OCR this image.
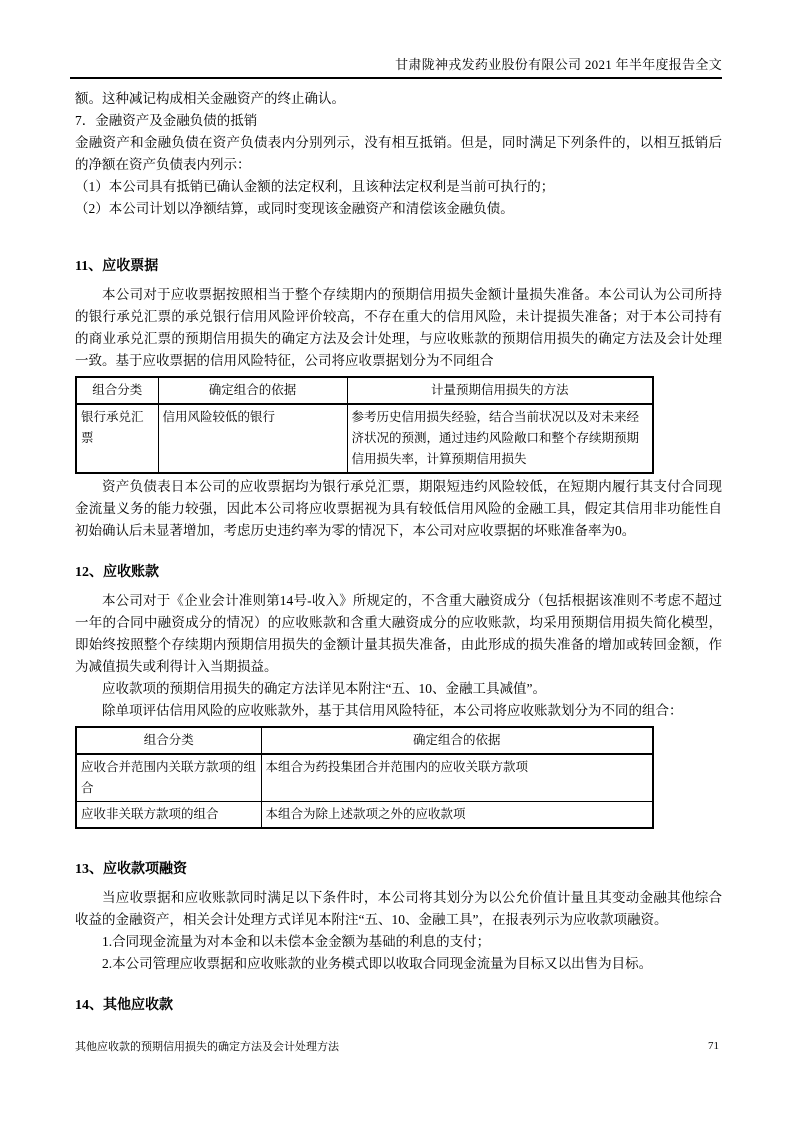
甘肃陇神戎发药业股份有限公司 2021 年半年度报告全文

额。这种减记构成相关金融资产的终止确认。

7．金融资产及金融负债的抵销

金融资产和金融负债在资产负债表内分别列示，没有相互抵销。但是，同时满足下列条件的，以相互抵销后的净额在资产负债表内列示：

（1）本公司具有抵销已确认金额的法定权利，且该种法定权利是当前可执行的；

（2）本公司计划以净额结算，或同时变现该金融资产和清偿该金融负债。

11、应收票据

本公司对于应收票据按照相当于整个存续期内的预期信用损失金额计量损失准备。本公司认为公司所持的银行承兑汇票的承兑银行信用风险评价较高，不存在重大的信用风险，未计提损失准备；对于本公司持有的商业承兑汇票的预期信用损失的确定方法及会计处理，与应收账款的预期信用损失的确定方法及会计处理一致。基于应收票据的信用风险特征，公司将应收票据划分为不同组合

组合分类	确定组合的依据	计量预期信用损失的方法
银行承兑汇票	信用风险较低的银行	参考历史信用损失经验，结合当前状况以及对未来经济状况的预测，通过违约风险敞口和整个存续期预期信用损失率，计算预期信用损失

资产负债表日本公司的应收票据均为银行承兑汇票，期限短违约风险较低，在短期内履行其支付合同现金流量义务的能力较强，因此本公司将应收票据视为具有较低信用风险的金融工具，假定其信用非功能性自初始确认后未显著增加，考虑历史违约率为零的情况下，本公司对应收票据的坏账准备率为0。

12、应收账款

本公司对于《企业会计准则第14号-收入》所规定的，不含重大融资成分（包括根据该准则不考虑不超过一年的合同中融资成分的情况）的应收账款和含重大融资成分的应收账款，均采用预期信用损失简化模型，即始终按照整个存续期内预期信用损失的金额计量其损失准备，由此形成的损失准备的增加或转回金额，作为减值损失或利得计入当期损益。

应收款项的预期信用损失的确定方法详见本附注“五、10、金融工具减值”。

除单项评估信用风险的应收账款外，基于其信用风险特征，本公司将应收账款划分为不同的组合：

组合分类	确定组合的依据
应收合并范围内关联方款项的组合	本组合为药投集团合并范围内的应收关联方款项
应收非关联方款项的组合	本组合为除上述款项之外的应收款项
13、应收款项融资

当应收票据和应收账款同时满足以下条件时，本公司将其划分为以公允价值计量且其变动金融其他综合收益的金融资产，相关会计处理方式详见本附注“五、10、金融工具”，在报表列示为应收款项融资。

1.合同现金流量为对本金和以未偿本金金额为基础的利息的支付；

2.本公司管理应收票据和应收账款的业务模式即以收取合同现金流量为目标又以出售为目标。

14、其他应收款

其他应收款的预期信用损失的确定方法及会计处理方法	71
